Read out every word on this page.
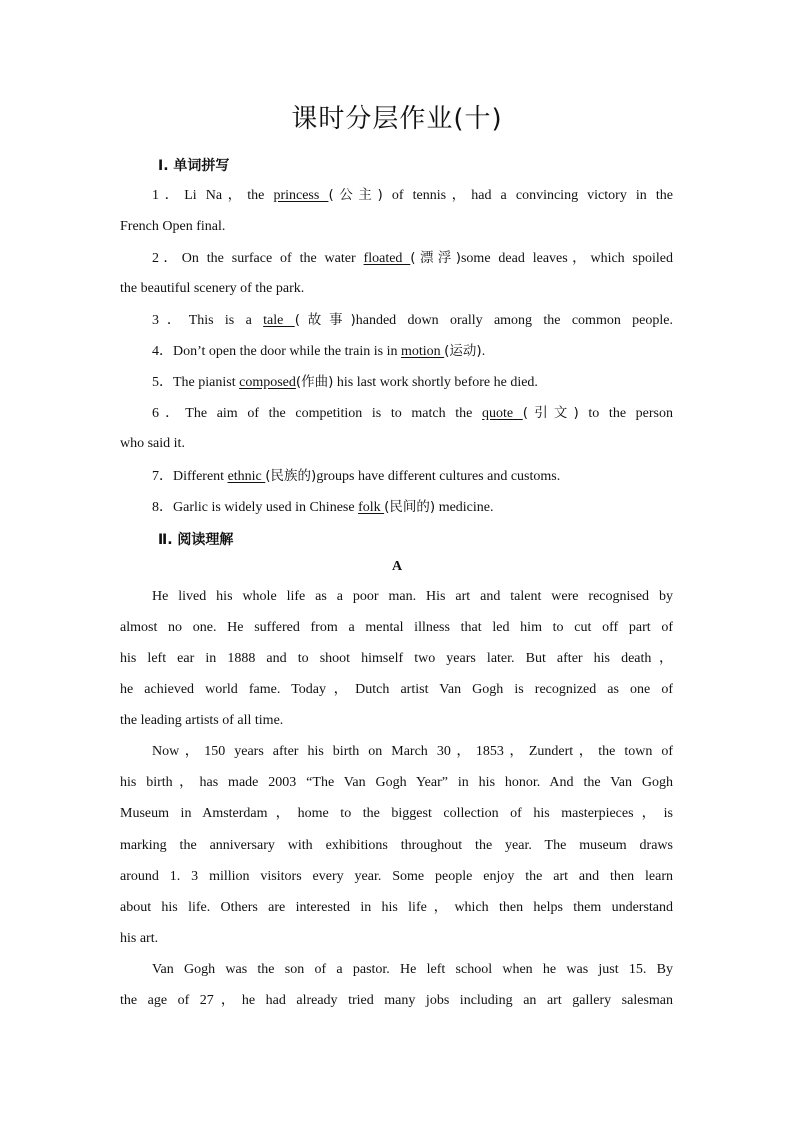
课时分层作业(十)
Ⅰ. 单词拼写
1．Li Na，the princess (公主) of tennis，had a convincing victory in the
French Open final.
2．On the surface of the water floated (漂浮)some dead leaves，which spoiled
the beautiful scenery of the park.
3．This is a tale (故事)handed down orally among the common people.
4．Don’t open the door while the train is in motion (运动).
5．The pianist composed(作曲) his last work shortly before he died.
6．The aim of the competition is to match the quote (引文) to the person
who said it.
7．Different ethnic (民族的)groups have different cultures and customs.
8．Garlic is widely used in Chinese folk (民间的) medicine.
Ⅱ. 阅读理解
A
He lived his whole life as a poor man. His art and talent were recognised by
almost no one. He suffered from a mental illness that led him to cut off part of
his left ear in 1888 and to shoot himself two years later. But after his death，
he achieved world fame. Today，Dutch artist Van Gogh is recognized as one of
the leading artists of all time.
Now，150 years after his birth on March 30，1853，Zundert，the town of
his birth，has made 2003 “The Van Gogh Year” in his honor. And the Van Gogh
Museum in Amsterdam，home to the biggest collection of his masterpieces，is
marking the anniversary with exhibitions throughout the year. The museum draws
around 1. 3 million visitors every year. Some people enjoy the art and then learn
about his life. Others are interested in his life，which then helps them understand
his art.
Van Gogh was the son of a pastor. He left school when he was just 15. By
the age of 27，he had already tried many jobs including an art gallery salesman
